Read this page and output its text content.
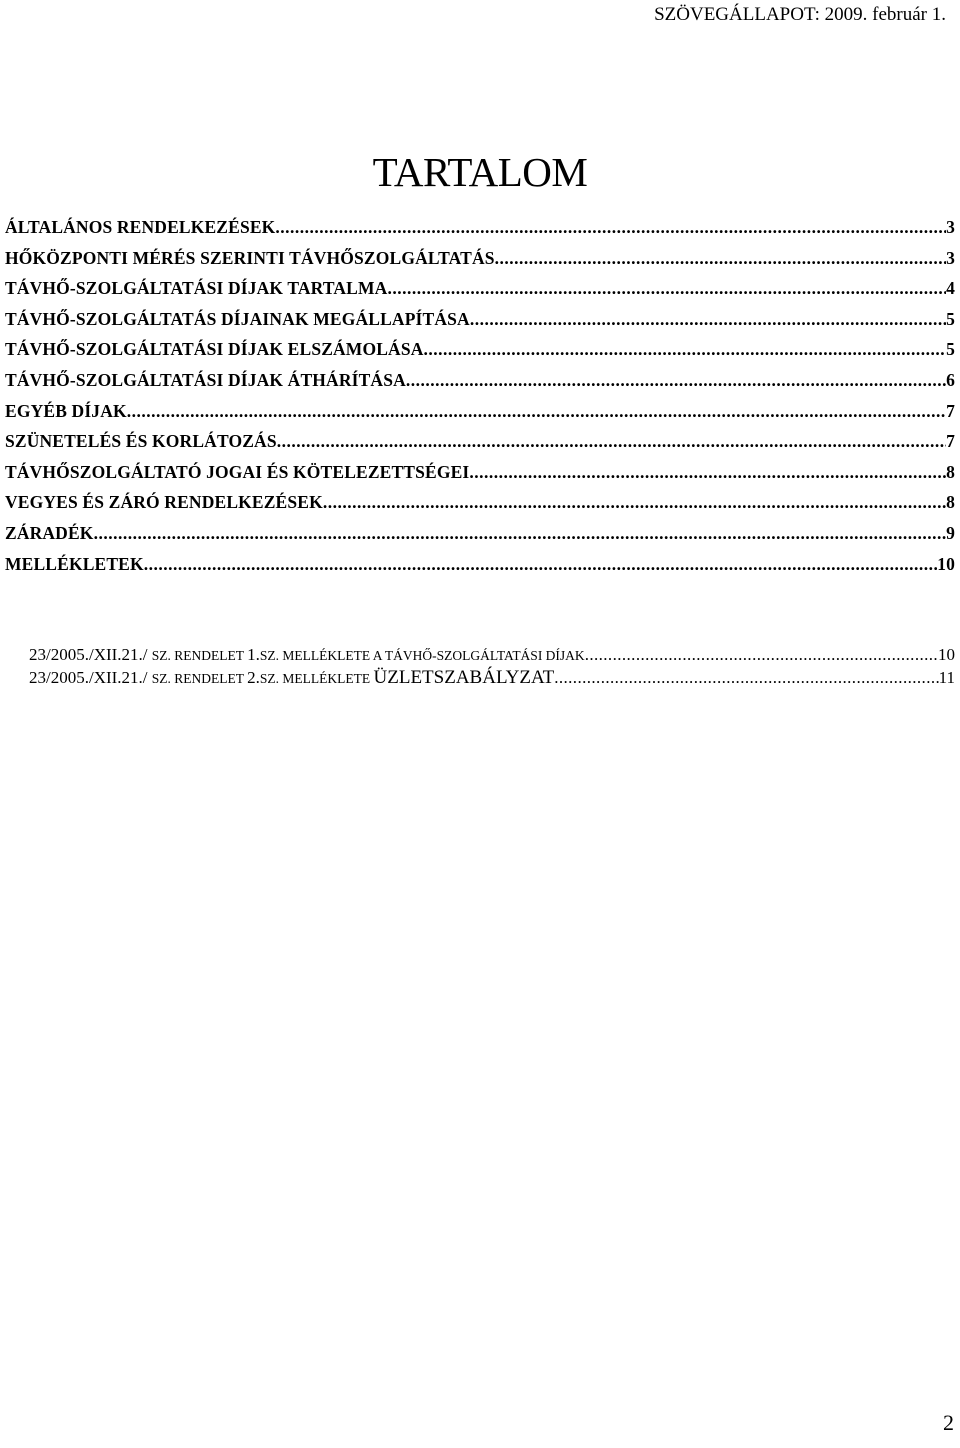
SZÖVEGÁLLAPOT: 2009. február 1.
TARTALOM
ÁLTALÁNOS RENDELKEZÉSEK .....	3
HŐKÖZPONTI MÉRÉS SZERINTI TÁVHŐSZOLGÁLTATÁS .....	3
TÁVHŐ-SZOLGÁLTATÁSI DÍJAK TARTALMA .....	4
TÁVHŐ-SZOLGÁLTATÁS DÍJAINAK MEGÁLLAPÍTÁSA .....	5
TÁVHŐ-SZOLGÁLTATÁSI DÍJAK ELSZÁMOLÁSA .....	5
TÁVHŐ-SZOLGÁLTATÁSI DÍJAK ÁTHÁRÍTÁSA .....	6
EGYÉB DÍJAK .....	7
SZÜNETELÉS ÉS KORLÁTOZÁS .....	7
TÁVHŐSZOLGÁLTATÓ JOGAI ÉS KÖTELEZETTSÉGEI .....	8
VEGYES ÉS ZÁRÓ RENDELKEZÉSEK .....	8
ZÁRADÉK .....	9
MELLÉKLETEK .....	10
23/2005./XII.21./ SZ. RENDELET 1.SZ. MELLÉKLETE A TÁVHŐ-SZOLGÁLTATÁSI DÍJAK .....	10
23/2005./XII.21./ SZ. RENDELET 2.SZ. MELLÉKLETE ÜZLETSZABÁLYZAT .....	11
2
